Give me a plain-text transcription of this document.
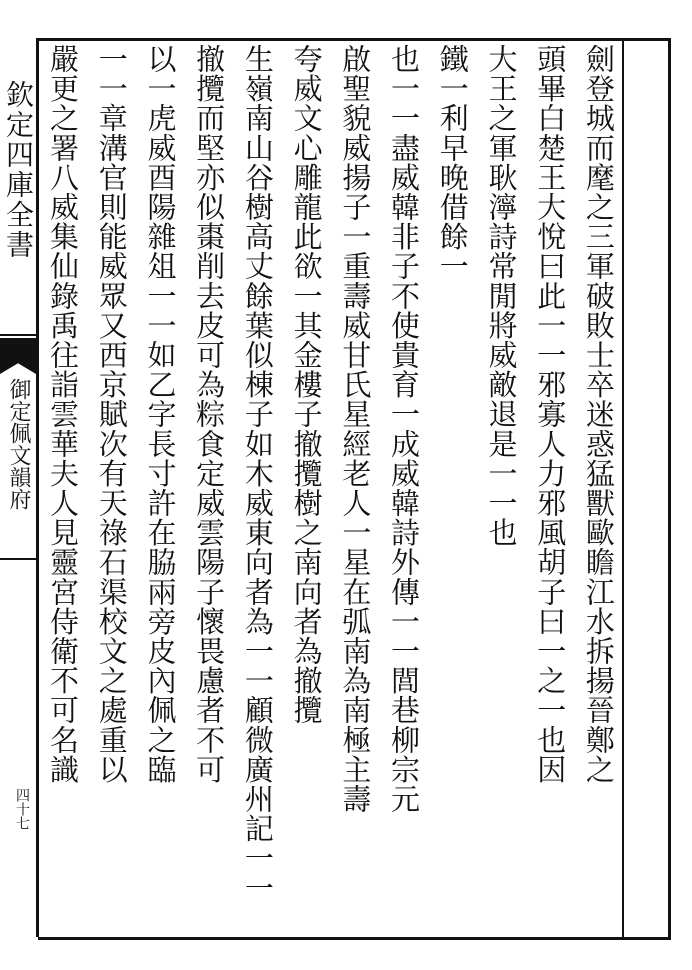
欽定四庫全書
御定佩文韻府
四十七
劍登城而麾之三軍破敗士卒迷惑猛獸歐瞻江水拆揚晉鄭之
頭畢白楚王大悅曰此一一邪寡人力邪風胡子曰一之一也因
大王之軍耿濘詩常閒將威敵退是一一也
鐵一利早晚借餘一
也一一盡威韓非子不使貴育一成威韓詩外傳一一閭巷柳宗元
啟聖貌威揚子一重壽威甘氏星經老人一星在弧南為南極主壽
夸威文心雕龍此欲一其金樓子撤攬樹之南向者為撤攬
生嶺南山谷樹高丈餘葉似棟子如木威東向者為一一顧微廣州記一一
撤攬而堅亦似棗削去皮可為粽食定威雲陽子懷畏慮者不可
以一虎威酉陽雜俎一一如乙字長寸許在脇兩旁皮內佩之臨
一一章溝官則能威眾又西京賦次有天祿石渠校文之處重以
嚴更之署八威集仙錄禹往詣雲華夫人見靈宮侍衛不可名識
